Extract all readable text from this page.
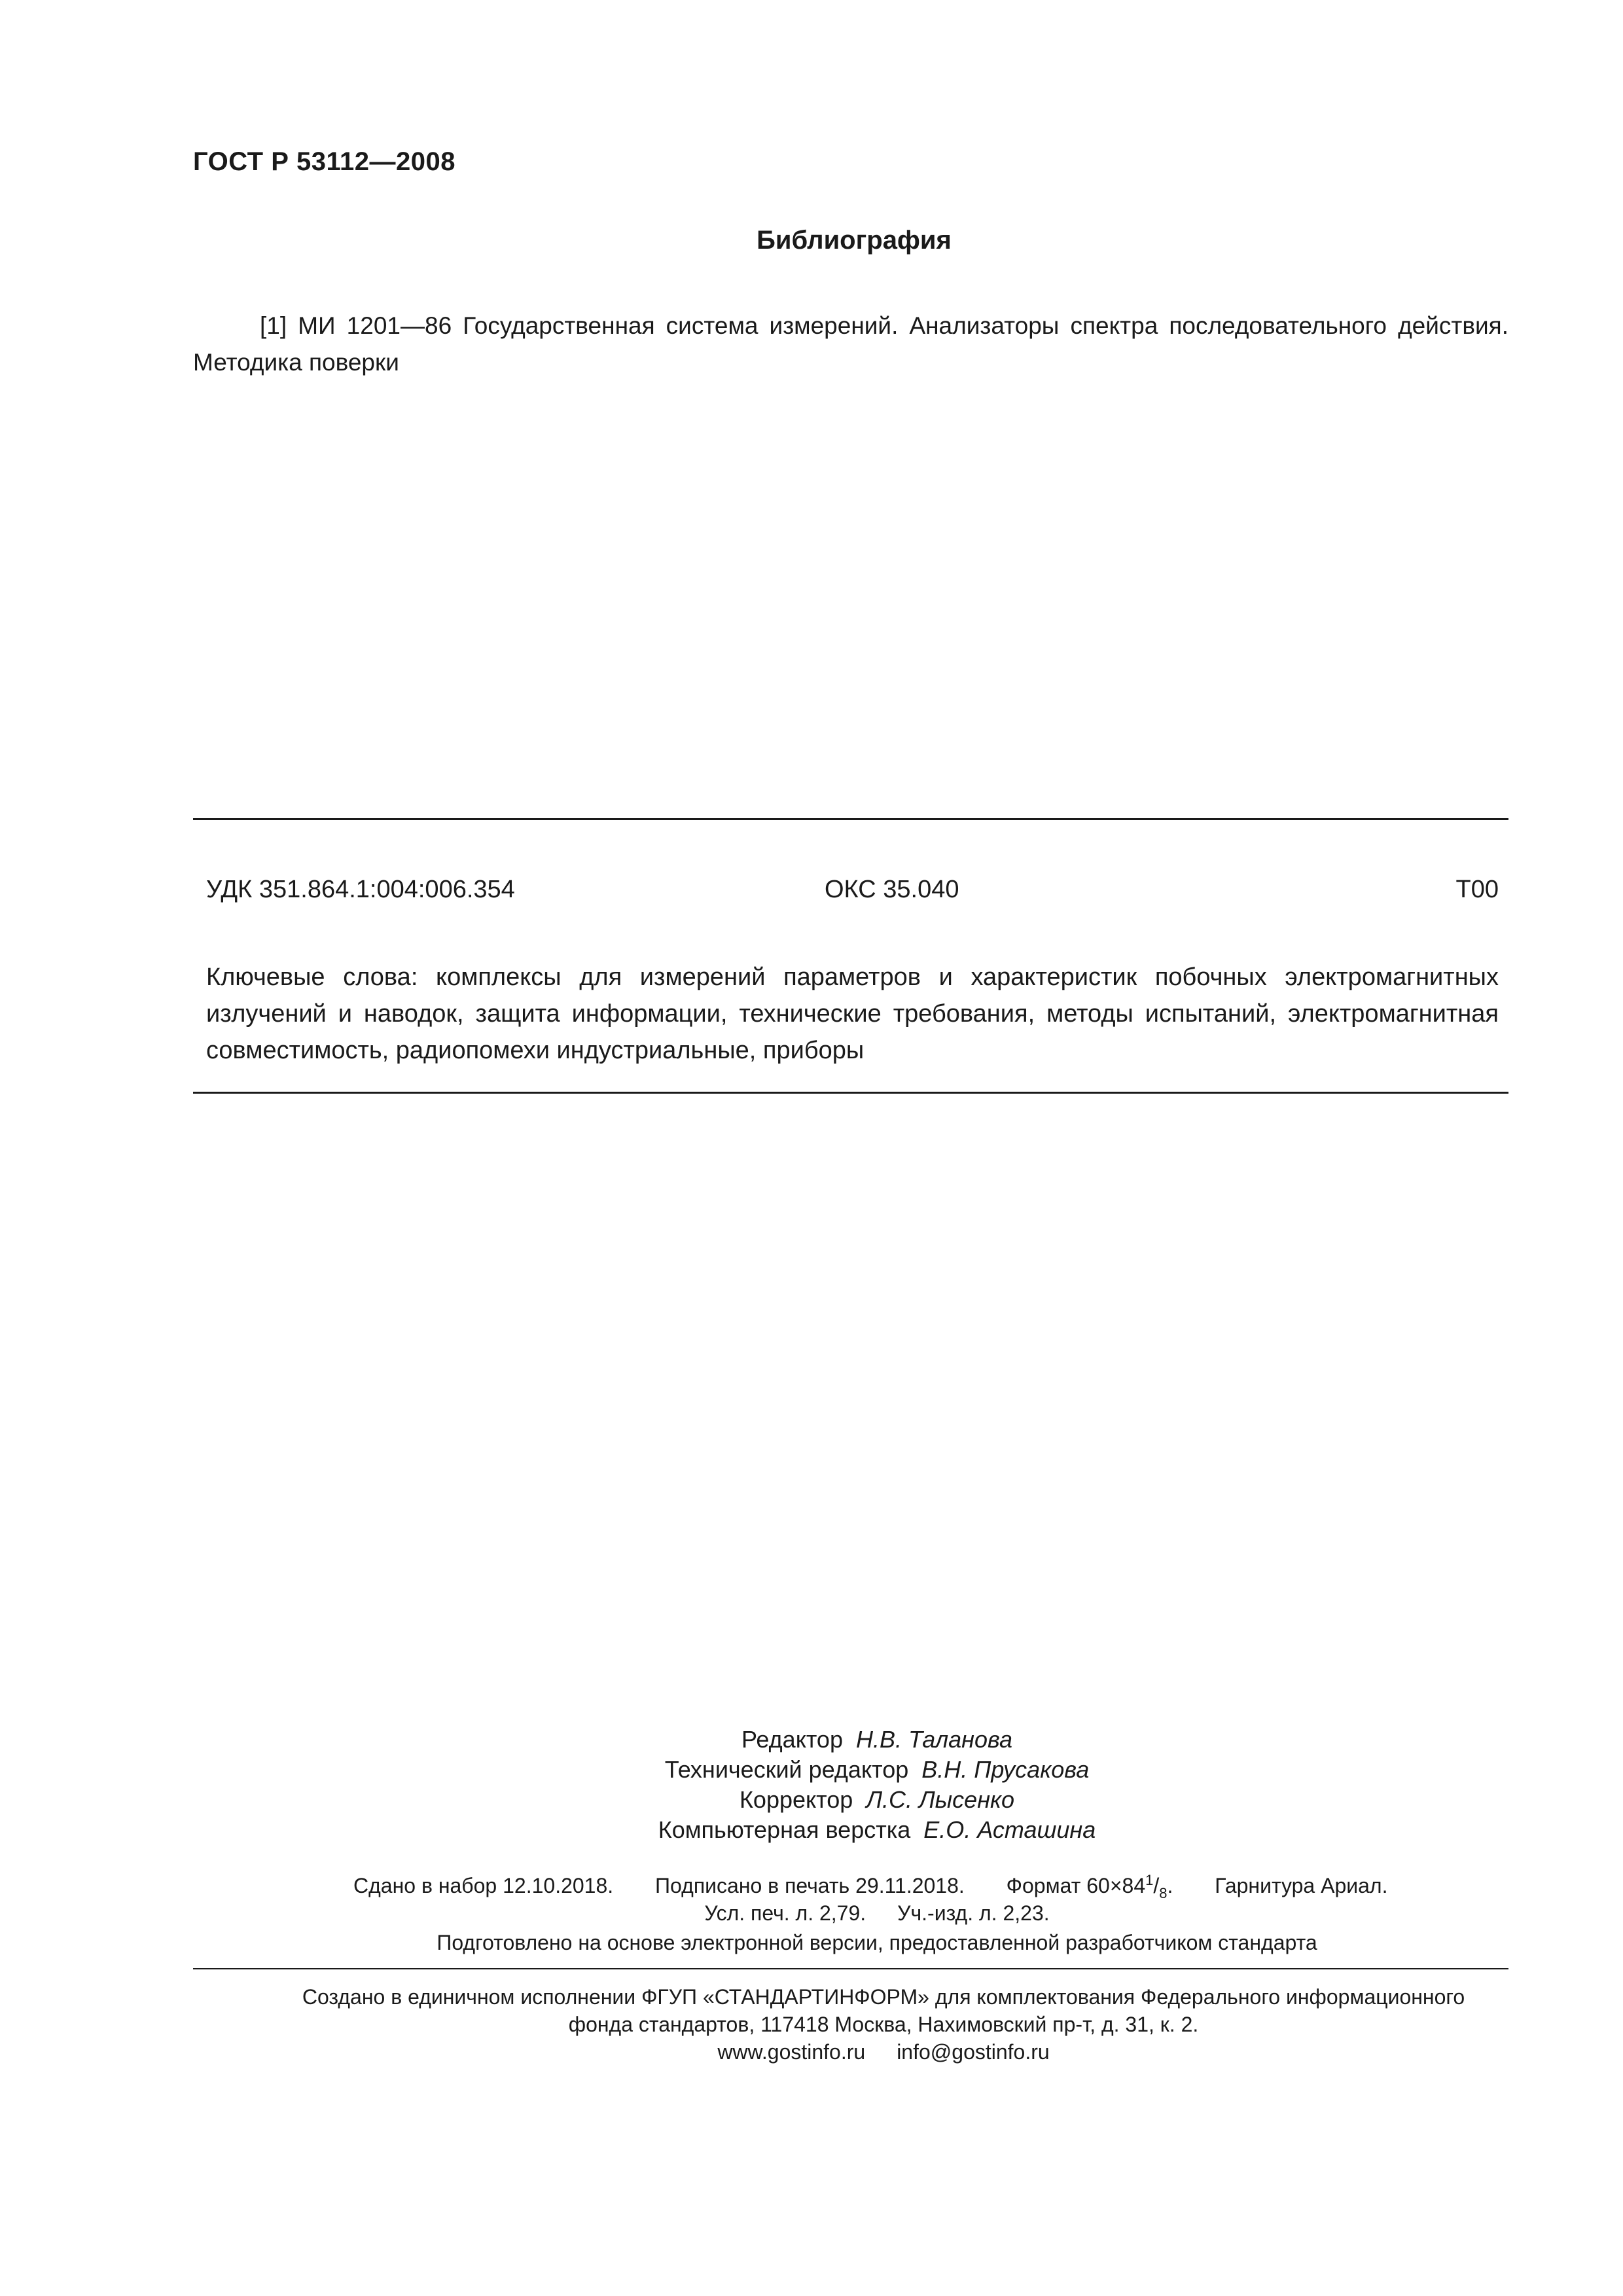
ГОСТ Р 53112—2008
Библиография
[1] МИ 1201—86 Государственная система измерений. Анализаторы спектра последовательного действия. Методика поверки
УДК 351.864.1:004:006.354	ОКС 35.040	Т00
Ключевые слова: комплексы для измерений параметров и характеристик побочных электромагнитных излучений и наводок, защита информации, технические требования, методы испытаний, электромагнитная совместимость, радиопомехи индустриальные, приборы
Редактор Н.В. Таланова
Технический редактор В.Н. Прусакова
Корректор Л.С. Лысенко
Компьютерная верстка Е.О. Асташина
Сдано в набор 12.10.2018. Подписано в печать 29.11.2018. Формат $60\times 84^1/_8$. Гарнитура Ариал.
Усл. печ. л. 2,79. Уч.-изд. л. 2,23.
Подготовлено на основе электронной версии, предоставленной разработчиком стандарта
Создано в единичном исполнении ФГУП «СТАНДАРТИНФОРМ» для комплектования Федерального информационного
фонда стандартов, 117418 Москва, Нахимовский пр-т, д. 31, к. 2.
www.gostinfo.ru info@gostinfo.ru
